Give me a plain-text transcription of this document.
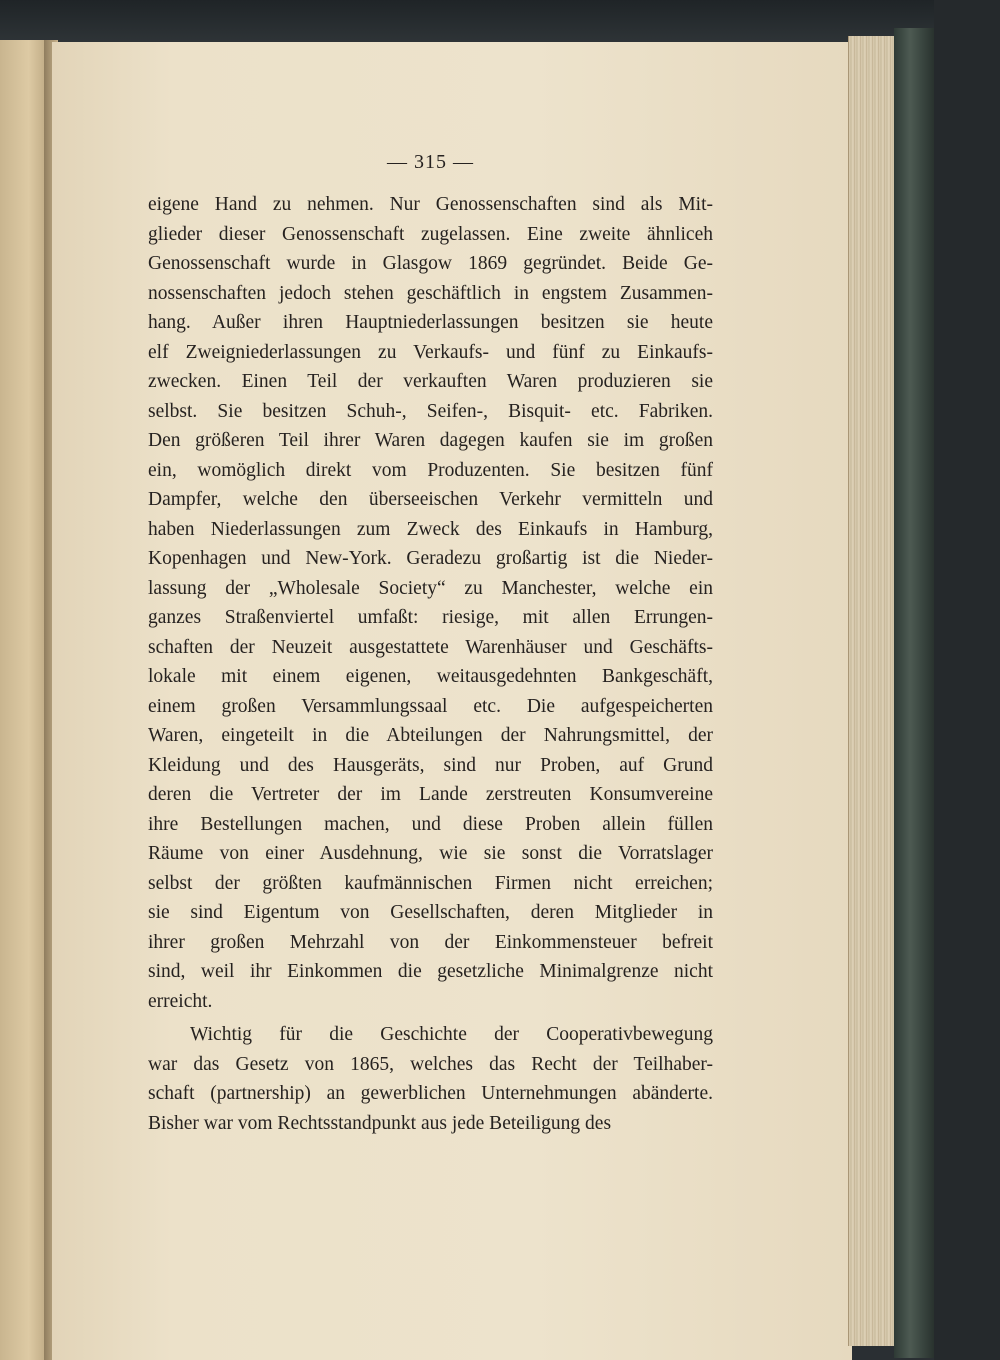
— 315 —
eigene Hand zu nehmen. Nur Genossenschaften sind als Mit-
glieder dieser Genossenschaft zugelassen. Eine zweite ähnliceh
Genossenschaft wurde in Glasgow 1869 gegründet. Beide Ge-
nossenschaften jedoch stehen geschäftlich in engstem Zusammen-
hang. Außer ihren Hauptniederlassungen besitzen sie heute
elf Zweigniederlassungen zu Verkaufs- und fünf zu Einkaufs-
zwecken. Einen Teil der verkauften Waren produzieren sie
selbst. Sie besitzen Schuh-, Seifen-, Bisquit- etc. Fabriken.
Den größeren Teil ihrer Waren dagegen kaufen sie im großen
ein, womöglich direkt vom Produzenten. Sie besitzen fünf
Dampfer, welche den überseeischen Verkehr vermitteln und
haben Niederlassungen zum Zweck des Einkaufs in Hamburg,
Kopenhagen und New-York. Geradezu großartig ist die Nieder-
lassung der „Wholesale Society“ zu Manchester, welche ein
ganzes Straßenviertel umfaßt: riesige, mit allen Errungen-
schaften der Neuzeit ausgestattete Warenhäuser und Geschäfts-
lokale mit einem eigenen, weitausgedehnten Bankgeschäft,
einem großen Versammlungssaal etc. Die aufgespeicherten
Waren, eingeteilt in die Abteilungen der Nahrungsmittel, der
Kleidung und des Hausgeräts, sind nur Proben, auf Grund
deren die Vertreter der im Lande zerstreuten Konsumvereine
ihre Bestellungen machen, und diese Proben allein füllen
Räume von einer Ausdehnung, wie sie sonst die Vorratslager
selbst der größten kaufmännischen Firmen nicht erreichen;
sie sind Eigentum von Gesellschaften, deren Mitglieder in
ihrer großen Mehrzahl von der Einkommensteuer befreit
sind, weil ihr Einkommen die gesetzliche Minimalgrenze nicht
erreicht.
Wichtig für die Geschichte der Cooperativbewegung
war das Gesetz von 1865, welches das Recht der Teilhaber-
schaft (partnership) an gewerblichen Unternehmungen abänderte.
Bisher war vom Rechtsstandpunkt aus jede Beteiligung des
